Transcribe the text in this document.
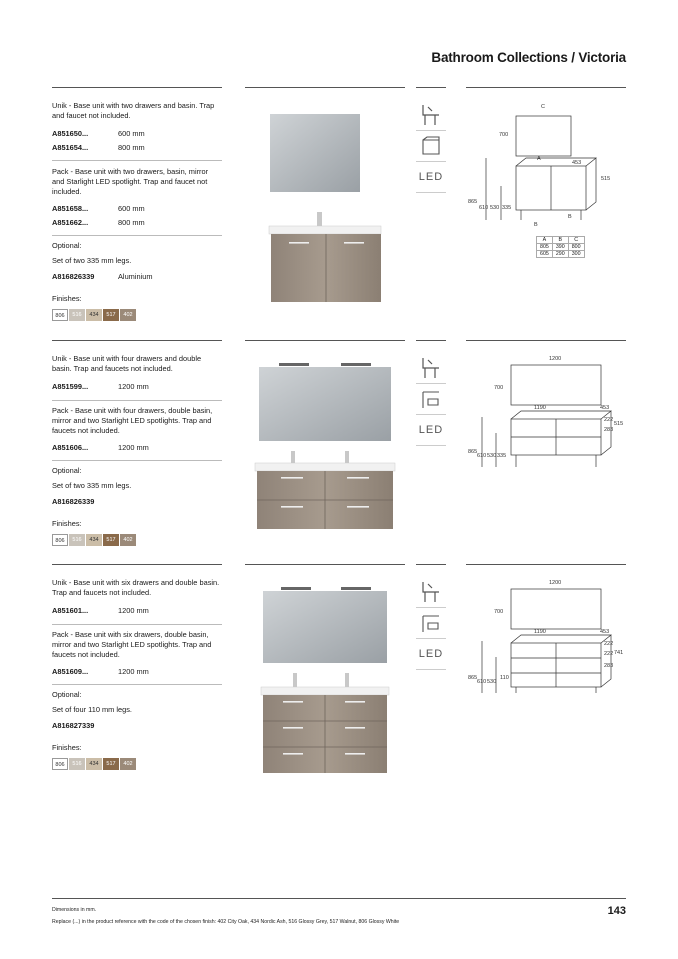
Bathroom Collections / Victoria
Unik - Base unit with two drawers and basin. Trap and faucet not included.
A851650...	600 mm
A851654...	800 mm
Pack - Base unit with two drawers, basin, mirror and Starlight LED spotlight. Trap and faucet not included.
A851658...	600 mm
A851662...	800 mm
Optional:
Set of two 335 mm legs.
A816826339	Aluminium
Finishes:
806	516	434	517	402
LED
C
700
A
453
515
865
610 530 335
B
B
A	B	C
805	390	800
605	290	300
Unik - Base unit with four drawers and double basin. Trap and faucets not included.
A851599...	1200 mm
Pack - Base unit with four drawers, double basin, mirror and two Starlight LED spotlights. Trap and faucets not included.
A851606...	1200 mm
Optional:
Set of two 335 mm legs.
A816826339
Finishes:
806	516	434	517	402
LED
1200
700
1190	453
222
515
283
865
610 530 335
Unik - Base unit with six drawers and double basin. Trap and faucets not included.
A851601...	1200 mm
Pack - Base unit with six drawers, double basin, mirror and two Starlight LED spotlights. Trap and faucets not included.
A851609...	1200 mm
Optional:
Set of four 110 mm legs.
A816827339
Finishes:
806	516	434	517	402
LED
1200
700
1190	453
222
222 741
283
865
610 530
110
Dimensions in mm.
Replace (...) in the product reference with the code of the chosen finish: 402 City Oak, 434 Nordic Ash, 516 Glossy Grey, 517 Walnut, 806 Glossy White
143
